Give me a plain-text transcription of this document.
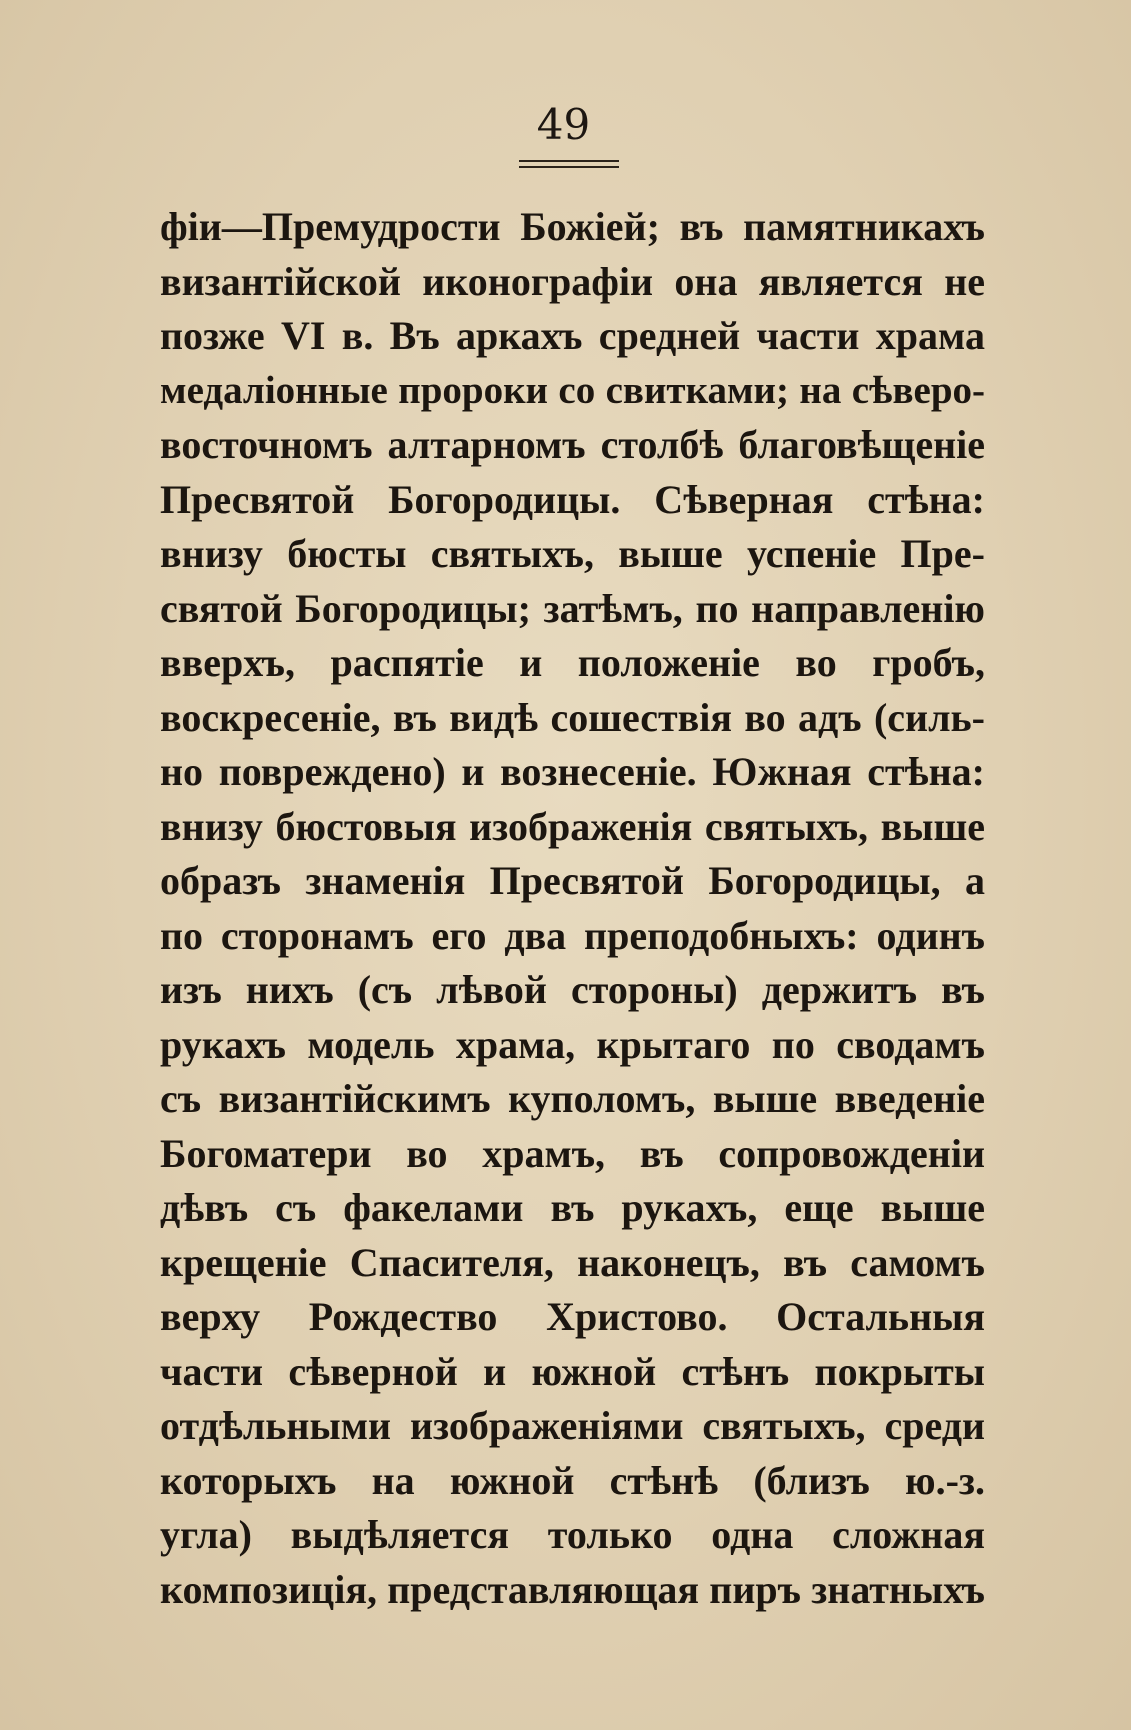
49
фіи—Премудрости Божіей; въ памятникахъ
византійской иконографіи она является не
позже VI в. Въ аркахъ средней части храма
медаліонные пророки со свитками; на сѣверо-
восточномъ алтарномъ столбѣ благовѣщеніе
Пресвятой Богородицы. Сѣверная стѣна:
внизу бюсты святыхъ, выше успеніе Пре-
святой Богородицы; затѣмъ, по направленію
вверхъ, распятіе и положеніе во гробъ,
воскресеніе, въ видѣ сошествія во адъ (силь-
но повреждено) и вознесеніе. Южная стѣна:
внизу бюстовыя изображенія святыхъ, выше
образъ знаменія Пресвятой Богородицы, а
по сторонамъ его два преподобныхъ: одинъ
изъ нихъ (съ лѣвой стороны) держитъ въ
рукахъ модель храма, крытаго по сводамъ
съ византійскимъ куполомъ, выше введеніе
Богоматери во храмъ, въ сопровожденіи
дѣвъ съ факелами въ рукахъ, еще выше
крещеніе Спасителя, наконецъ, въ самомъ
верху Рождество Христово. Остальныя
части сѣверной и южной стѣнъ покрыты
отдѣльными изображеніями святыхъ, среди
которыхъ на южной стѣнѣ (близъ ю.-з.
угла) выдѣляется только одна сложная
композиція, представляющая пиръ знатныхъ
